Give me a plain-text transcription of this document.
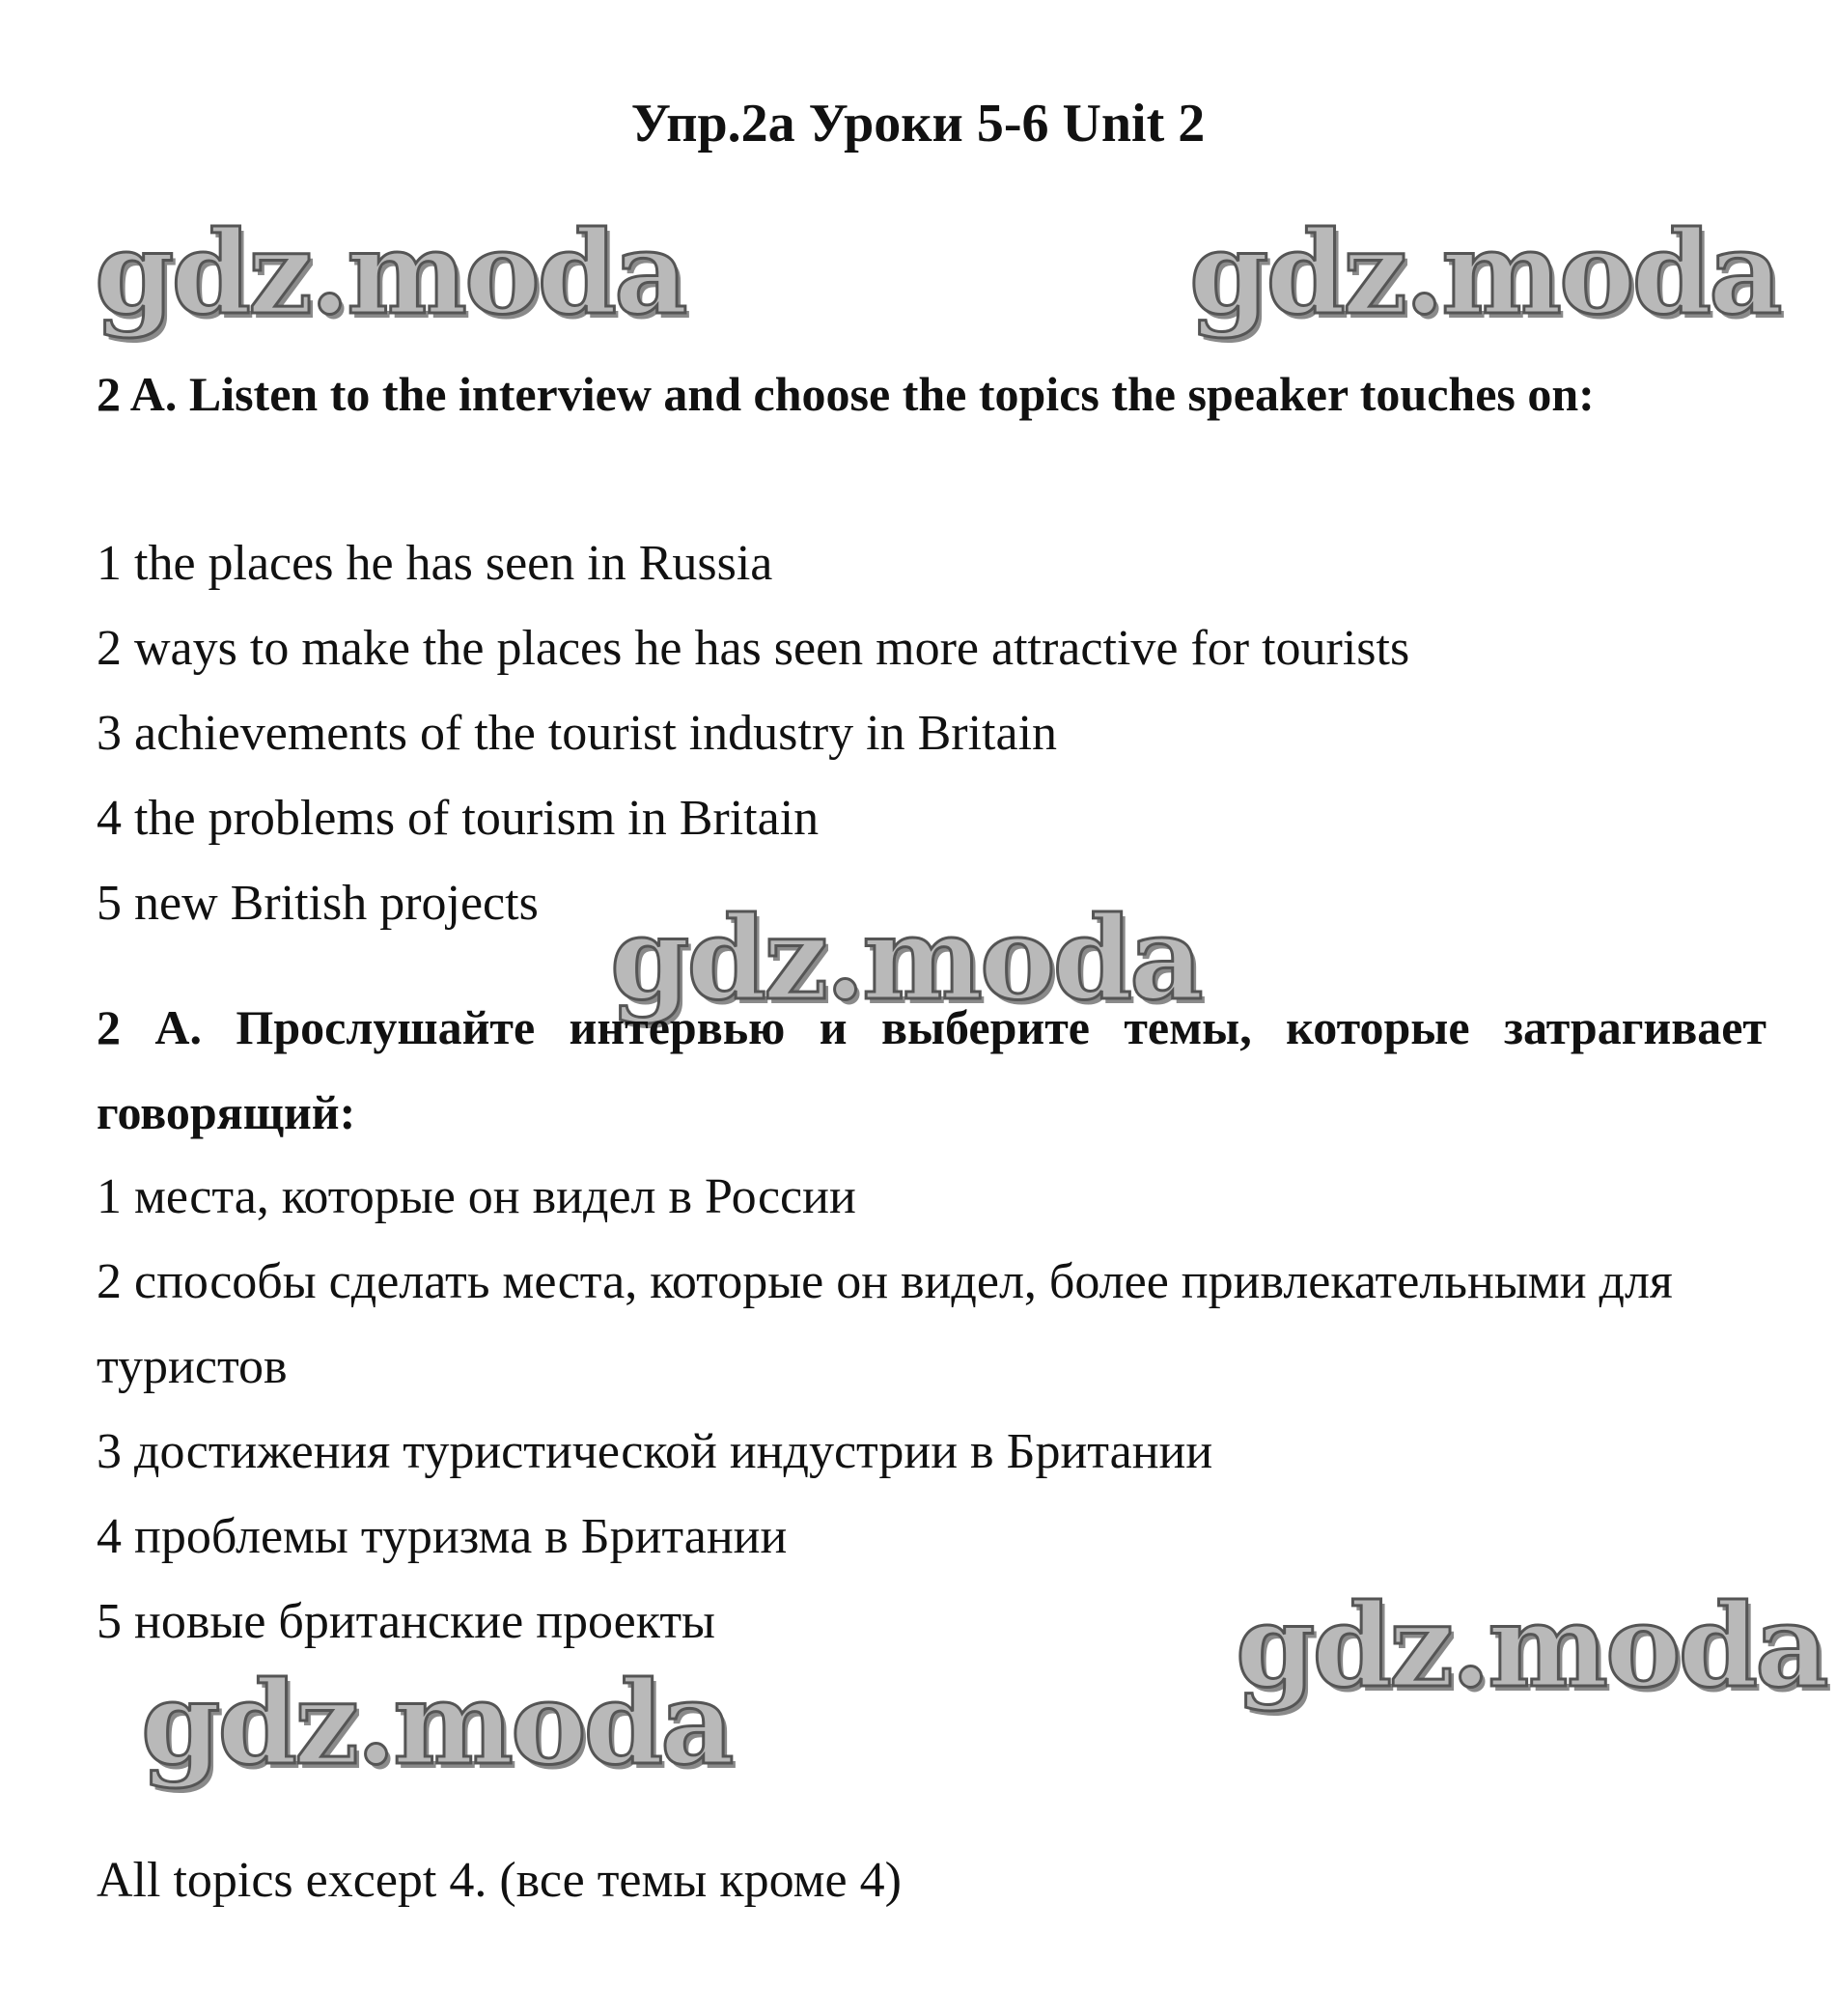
Упр.2а Уроки 5-6 Unit 2
gdz.moda	gdz.moda

2 A. Listen to the interview and choose the topics the speaker touches on:

1 the places he has seen in Russia
2 ways to make the places he has seen more attractive for tourists
3 achievements of the tourist industry in Britain
4 the problems of tourism in Britain
5 new British projects gdz.moda

2 А. Прослушайте интервью и выберите темы, которые затрагивает говорящий:

1 места, которые он видел в России
2 способы сделать места, которые он видел, более привлекательными для туристов
3 достижения туристической индустрии в Британии
4 проблемы туризма в Британии
5 новые британские проекты	gdz.moda
gdz.moda

All topics except 4. (все темы кроме 4)
